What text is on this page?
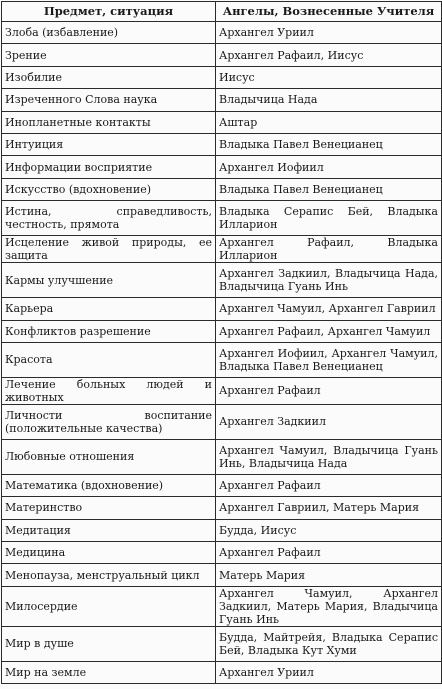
Предмет, ситуация	Ангелы, Вознесенные Учителя
Злоба (избавление)	Архангел Уриил
Зрение	Архангел Рафаил, Иисус
Изобилие	Иисус
Изреченного Слова наука	Владычица Нада
Инопланетные контакты	Аштар
Интуиция	Владыка Павел Венецианец
Информации восприятие	Архангел Иофиил
Искусство (вдохновение)	Владыка Павел Венецианец
Истина, справедливость, честность, прямота	Владыка Серапис Бей, Владыка Илларион
Исцеление живой природы, ее защита	Архангел Рафаил, Владыка Илларион
Кармы улучшение	Архангел Задкиил, Владычица Нада, Владычица Гуань Инь
Карьера	Архангел Чамуил, Архангел Гавриил
Конфликтов разрешение	Архангел Рафаил, Архангел Чамуил
Красота	Архангел Иофиил, Архангел Чамуил, Владыка Павел Венецианец
Лечение больных людей и животных	Архангел Рафаил
Личности воспитание (положительные качества)	Архангел Задкиил
Любовные отношения	Архангел Чамуил, Владычица Гуань Инь, Владычица Нада
Математика (вдохновение)	Архангел Рафаил
Материнство	Архангел Гавриил, Матерь Мария
Медитация	Будда, Иисус
Медицина	Архангел Рафаил
Менопауза, менструальный цикл	Матерь Мария
Милосердие	Архангел Чамуил, Архангел Задкиил, Матерь Мария, Владычица Гуань Инь
Мир в душе	Будда, Майтрейя, Владыка Серапис Бей, Владыка Кут Хуми
Мир на земле	Архангел Уриил
